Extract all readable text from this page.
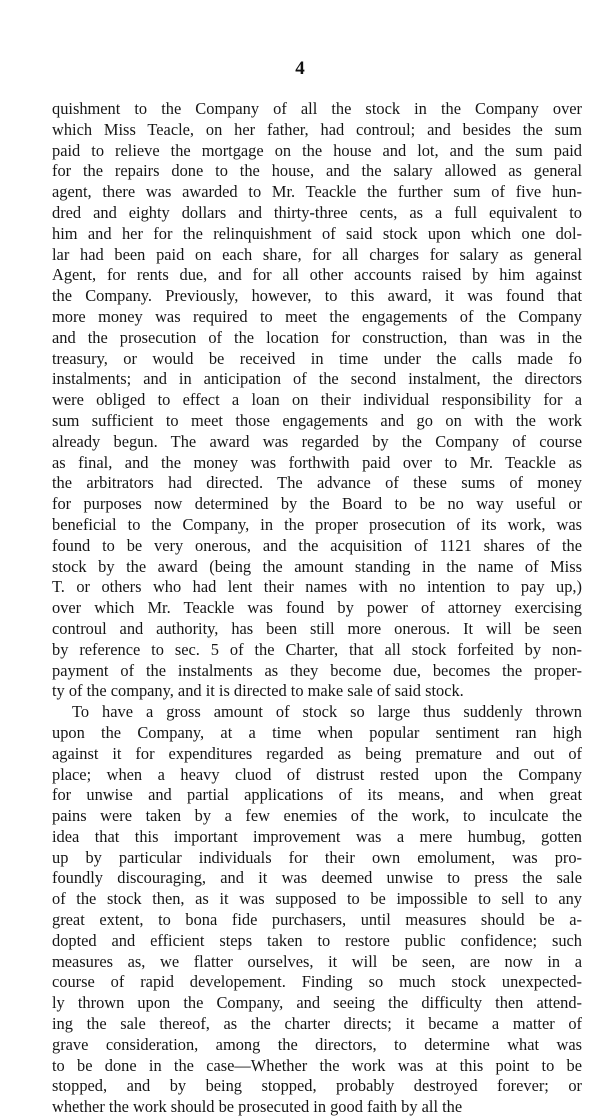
4
quishment to the Company of all the stock in the Company over
which Miss Teacle, on her father, had controul; and besides the sum
paid to relieve the mortgage on the house and lot, and the sum paid
for the repairs done to the house, and the salary allowed as general
agent, there was awarded to Mr. Teackle the further sum of five hun-
dred and eighty dollars and thirty-three cents, as a full equivalent to
him and her for the relinquishment of said stock upon which one dol-
lar had been paid on each share, for all charges for salary as general
Agent, for rents due, and for all other accounts raised by him against
the Company. Previously, however, to this award, it was found that
more money was required to meet the engagements of the Company
and the prosecution of the location for construction, than was in the
treasury, or would be received in time under the calls made fo
instalments; and in anticipation of the second instalment, the directors
were obliged to effect a loan on their individual responsibility for a
sum sufficient to meet those engagements and go on with the work
already begun. The award was regarded by the Company of course
as final, and the money was forthwith paid over to Mr. Teackle as
the arbitrators had directed. The advance of these sums of money
for purposes now determined by the Board to be no way useful or
beneficial to the Company, in the proper prosecution of its work, was
found to be very onerous, and the acquisition of 1121 shares of the
stock by the award (being the amount standing in the name of Miss
T. or others who had lent their names with no intention to pay up,)
over which Mr. Teackle was found by power of attorney exercising
controul and authority, has been still more onerous. It will be seen
by reference to sec. 5 of the Charter, that all stock forfeited by non-
payment of the instalments as they become due, becomes the proper-
ty of the company, and it is directed to make sale of said stock.
To have a gross amount of stock so large thus suddenly thrown
upon the Company, at a time when popular sentiment ran high
against it for expenditures regarded as being premature and out of
place; when a heavy cluod of distrust rested upon the Company
for unwise and partial applications of its means, and when great
pains were taken by a few enemies of the work, to inculcate the
idea that this important improvement was a mere humbug, gotten
up by particular individuals for their own emolument, was pro-
foundly discouraging, and it was deemed unwise to press the sale
of the stock then, as it was supposed to be impossible to sell to any
great extent, to bona fide purchasers, until measures should be a-
dopted and efficient steps taken to restore public confidence; such
measures as, we flatter ourselves, it will be seen, are now in a
course of rapid developement. Finding so much stock unexpected-
ly thrown upon the Company, and seeing the difficulty then attend-
ing the sale thereof, as the charter directs; it became a matter of
grave consideration, among the directors, to determine what was
to be done in the case—Whether the work was at this point to be
stopped, and by being stopped, probably destroyed forever; or
whether the work should be prosecuted in good faith by all the
